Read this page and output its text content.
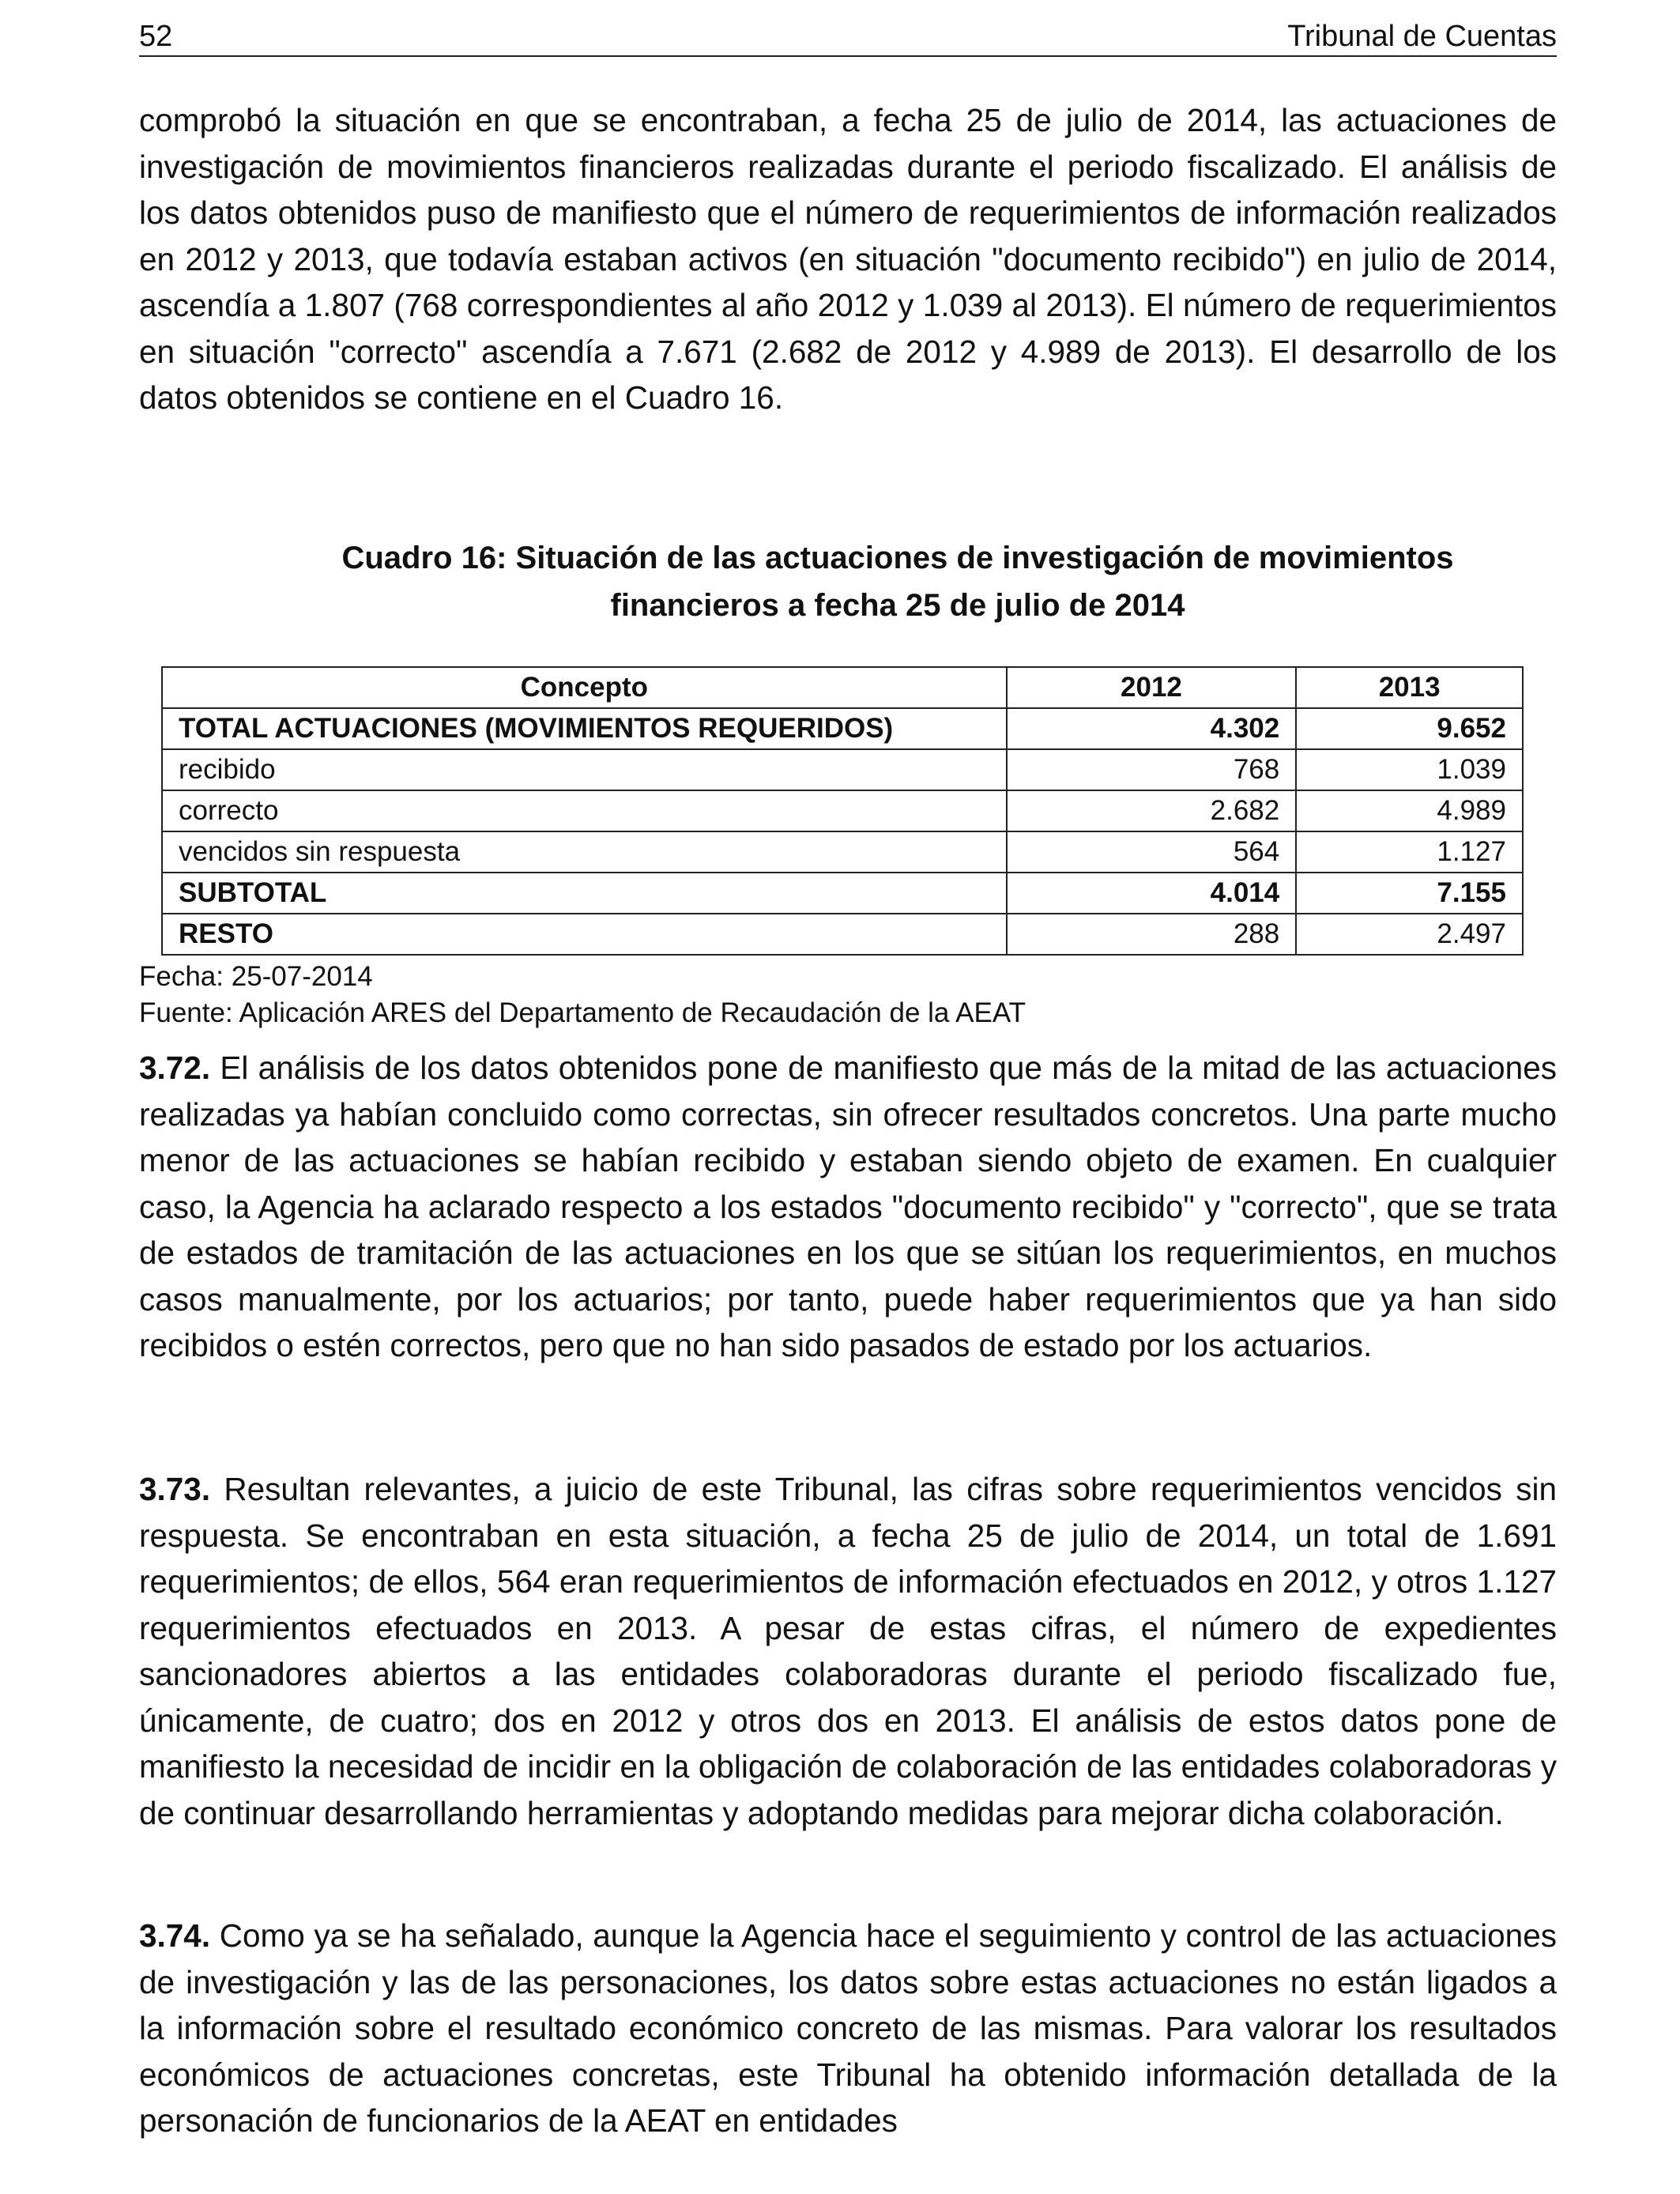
52	Tribunal de Cuentas

comprobó la situación en que se encontraban, a fecha 25 de julio de 2014, las actuaciones de investigación de movimientos financieros realizadas durante el periodo fiscalizado. El análisis de los datos obtenidos puso de manifiesto que el número de requerimientos de información realizados en 2012 y 2013, que todavía estaban activos (en situación "documento recibido") en julio de 2014, ascendía a 1.807 (768 correspondientes al año 2012 y 1.039 al 2013). El número de requerimientos en situación "correcto" ascendía a 7.671 (2.682 de 2012 y 4.989 de 2013). El desarrollo de los datos obtenidos se contiene en el Cuadro 16.

Cuadro 16: Situación de las actuaciones de investigación de movimientos financieros a fecha 25 de julio de 2014
Concepto	2012	2013
TOTAL ACTUACIONES (MOVIMIENTOS REQUERIDOS)	4.302	9.652
recibido	768	1.039
correcto	2.682	4.989
vencidos sin respuesta	564	1.127
SUBTOTAL	4.014	7.155
RESTO	288	2.497
Fecha: 25-07-2014
Fuente: Aplicación ARES del Departamento de Recaudación de la AEAT

3.72. El análisis de los datos obtenidos pone de manifiesto que más de la mitad de las actuaciones realizadas ya habían concluido como correctas, sin ofrecer resultados concretos. Una parte mucho menor de las actuaciones se habían recibido y estaban siendo objeto de examen. En cualquier caso, la Agencia ha aclarado respecto a los estados "documento recibido" y "correcto", que se trata de estados de tramitación de las actuaciones en los que se sitúan los requerimientos, en muchos casos manualmente, por los actuarios; por tanto, puede haber requerimientos que ya han sido recibidos o estén correctos, pero que no han sido pasados de estado por los actuarios.

3.73. Resultan relevantes, a juicio de este Tribunal, las cifras sobre requerimientos vencidos sin respuesta. Se encontraban en esta situación, a fecha 25 de julio de 2014, un total de 1.691 requerimientos; de ellos, 564 eran requerimientos de información efectuados en 2012, y otros 1.127 requerimientos efectuados en 2013. A pesar de estas cifras, el número de expedientes sancionadores abiertos a las entidades colaboradoras durante el periodo fiscalizado fue, únicamente, de cuatro; dos en 2012 y otros dos en 2013. El análisis de estos datos pone de manifiesto la necesidad de incidir en la obligación de colaboración de las entidades colaboradoras y de continuar desarrollando herramientas y adoptando medidas para mejorar dicha colaboración.

3.74. Como ya se ha señalado, aunque la Agencia hace el seguimiento y control de las actuaciones de investigación y las de las personaciones, los datos sobre estas actuaciones no están ligados a la información sobre el resultado económico concreto de las mismas. Para valorar los resultados económicos de actuaciones concretas, este Tribunal ha obtenido información detallada de la personación de funcionarios de la AEAT en entidades
